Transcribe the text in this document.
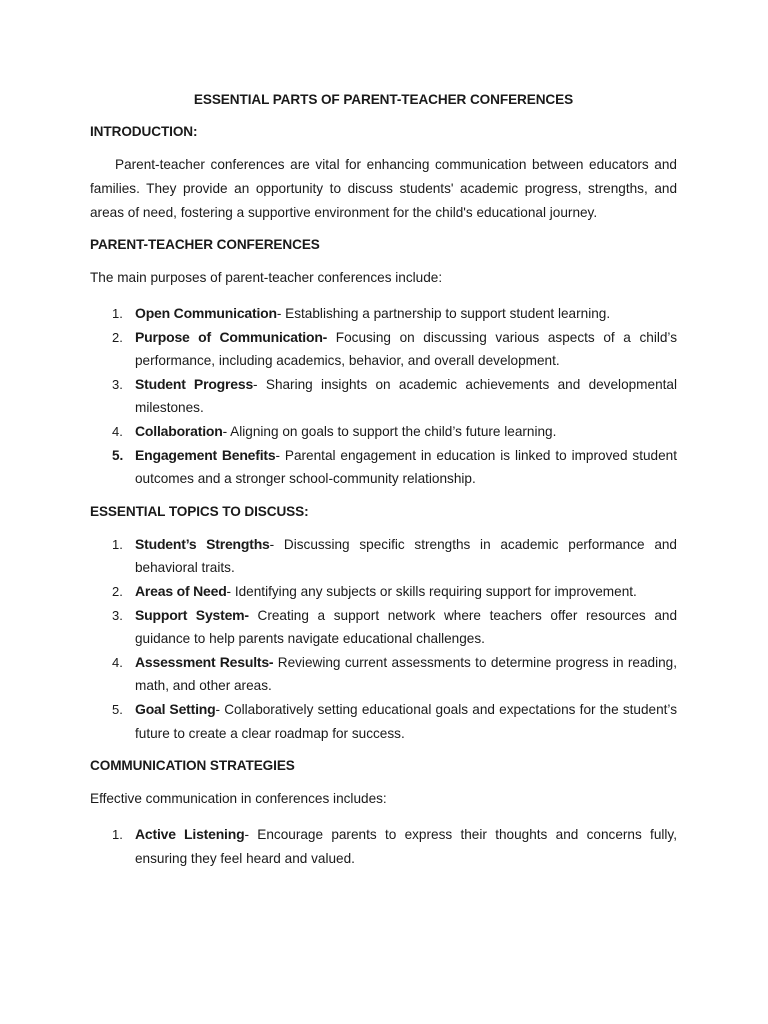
ESSENTIAL PARTS OF PARENT-TEACHER CONFERENCES
INTRODUCTION:

Parent-teacher conferences are vital for enhancing communication between educators and families. They provide an opportunity to discuss students' academic progress, strengths, and areas of need, fostering a supportive environment for the child's educational journey.

PARENT-TEACHER CONFERENCES

The main purposes of parent-teacher conferences include:

1. Open Communication- Establishing a partnership to support student learning.
2. Purpose of Communication- Focusing on discussing various aspects of a child’s performance, including academics, behavior, and overall development.
3. Student Progress- Sharing insights on academic achievements and developmental milestones.
4. Collaboration- Aligning on goals to support the child’s future learning.
5. Engagement Benefits- Parental engagement in education is linked to improved student outcomes and a stronger school-community relationship.
ESSENTIAL TOPICS TO DISCUSS:
1. Student’s Strengths- Discussing specific strengths in academic performance and behavioral traits.
2. Areas of Need- Identifying any subjects or skills requiring support for improvement.
3. Support System- Creating a support network where teachers offer resources and guidance to help parents navigate educational challenges.
4. Assessment Results- Reviewing current assessments to determine progress in reading, math, and other areas.
5. Goal Setting- Collaboratively setting educational goals and expectations for the student’s future to create a clear roadmap for success.
COMMUNICATION STRATEGIES

Effective communication in conferences includes:

1. Active Listening- Encourage parents to express their thoughts and concerns fully, ensuring they feel heard and valued.
